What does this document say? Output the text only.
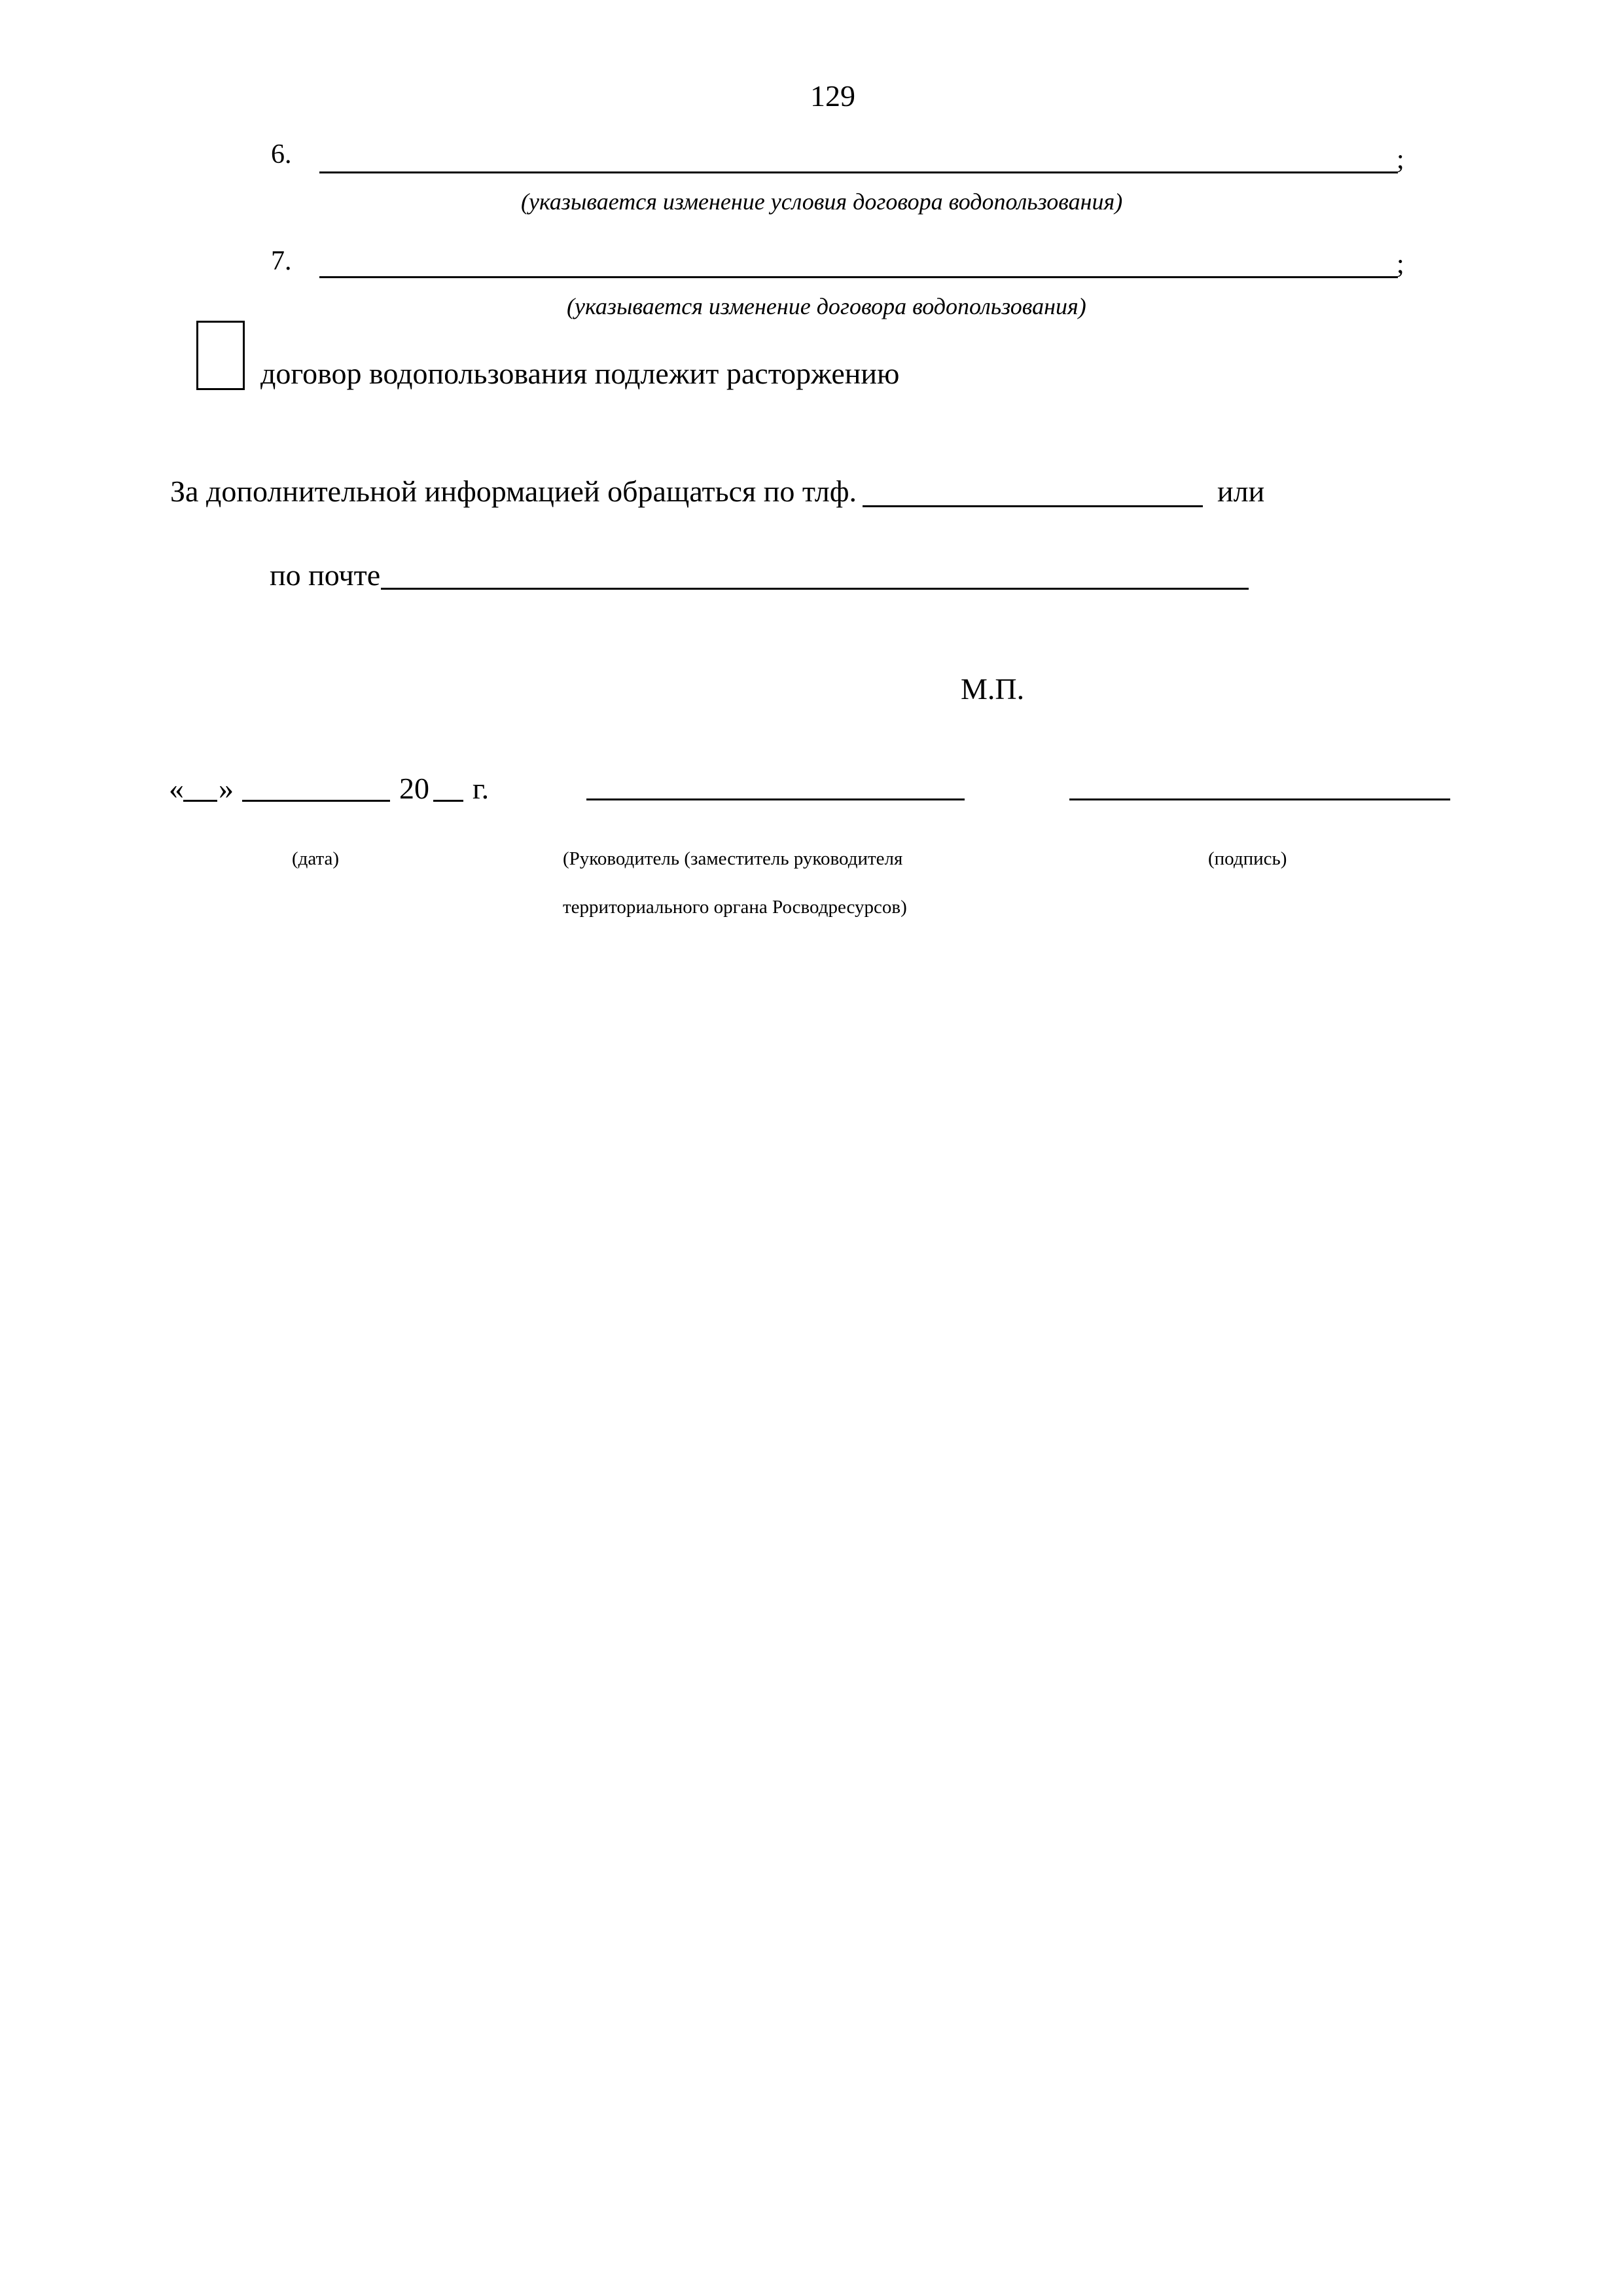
129
6.	;
(указывается изменение условия договора водопользования)
7.	;
(указывается изменение договора водопользования)
договор водопользования подлежит расторжению
За дополнительной информацией обращаться по тлф.	или
по почте
М.П.
« »	20 г.
(дата)	(Руководитель (заместитель руководителя
территориального органа Росводресурсов)
(подпись)
